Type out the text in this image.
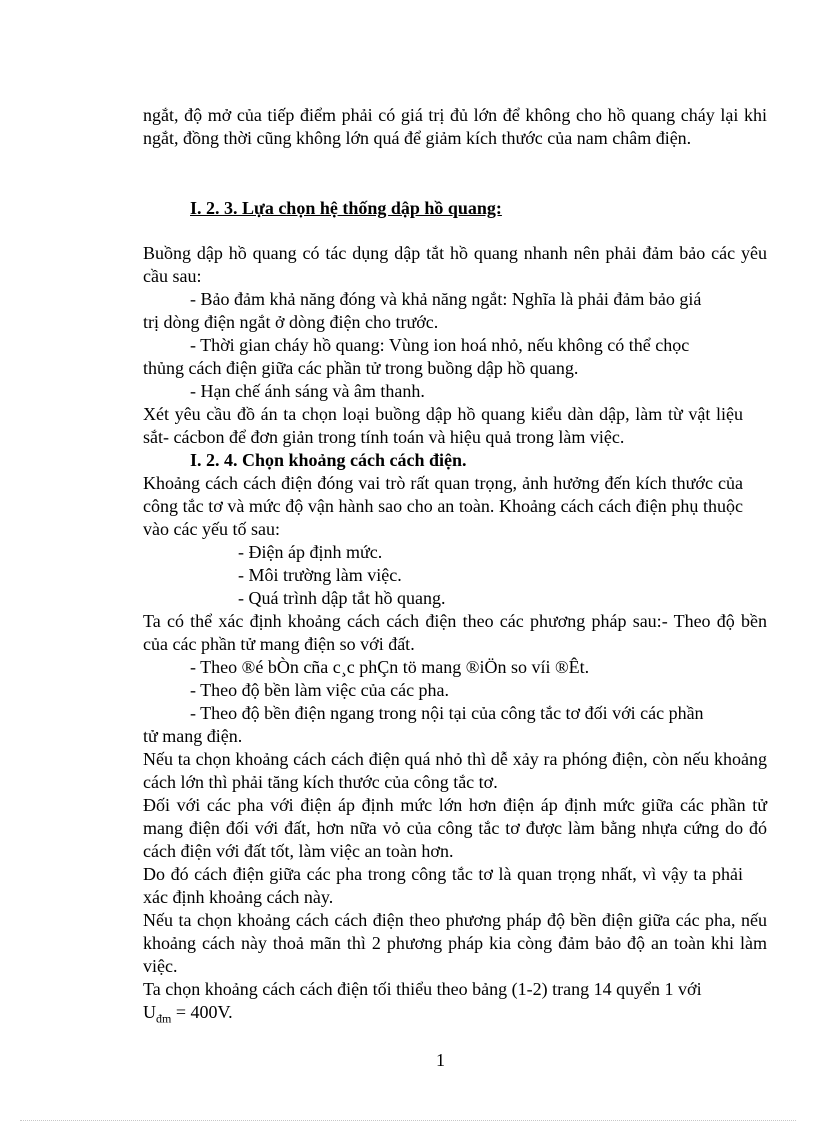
ngắt, độ mở của tiếp điểm phải có giá trị đủ lớn để không cho hồ quang cháy lại khi ngắt, đồng thời cũng không lớn quá để giảm kích thước của nam châm điện.

I. 2. 3. Lựa chọn hệ thống dập hồ quang:

Buồng dập hồ quang có tác dụng dập tắt hồ quang nhanh nên phải đảm bảo các yêu cầu sau:

- Bảo đảm khả năng đóng và khả năng ngắt: Nghĩa là phải đảm bảo giá

trị dòng điện ngắt ở dòng điện cho trước.

- Thời gian cháy hồ quang: Vùng ion hoá nhỏ, nếu không có thể chọc

thủng cách điện giữa các phần tử trong buồng dập hồ quang.

- Hạn chế ánh sáng và âm thanh.

Xét yêu cầu đồ án ta chọn loại buồng dập hồ quang kiểu dàn dập, làm từ vật liệu sắt- cácbon để đơn giản trong tính toán và hiệu quả trong làm việc.

I. 2. 4. Chọn khoảng cách cách điện.

Khoảng cách cách điện đóng vai trò rất quan trọng, ảnh hưởng đến kích thước của công tắc tơ và mức độ vận hành sao cho an toàn. Khoảng cách cách điện phụ thuộc vào các yếu tố sau:

- Điện áp định mức.

- Môi trường làm việc.

- Quá trình dập tắt hồ quang.

Ta có thể xác định khoảng cách cách điện theo các phương pháp sau:- Theo độ bền của các phần tử mang điện so với đất.

- Theo ®é bÒn cña c¸c phÇn tö mang ®iÖn so víi ®Êt.

- Theo độ bền làm việc của các pha.

- Theo độ bền điện ngang trong nội tại của công tắc tơ đối với các phần

tử mang điện.

Nếu ta chọn khoảng cách cách điện quá nhỏ thì dễ xảy ra phóng điện, còn nếu khoảng cách lớn thì phải tăng kích thước của công tắc tơ.

Đối với các pha với điện áp định mức lớn hơn điện áp định mức giữa các phần tử mang điện đối với đất, hơn nữa vỏ của công tắc tơ được làm bằng nhựa cứng do đó cách điện với đất tốt, làm việc an toàn hơn.

Do đó cách điện giữa các pha trong công tắc tơ là quan trọng nhất, vì vậy ta phải xác định khoảng cách này.

Nếu ta chọn khoảng cách cách điện theo phương pháp độ bền điện giữa các pha, nếu khoảng cách này thoả mãn thì 2 phương pháp kia còng đảm bảo độ an toàn khi làm việc.

Ta chọn khoảng cách cách điện tối thiểu theo bảng (1-2) trang 14 quyển 1 với

$U_{đm} = 400V$.

1
